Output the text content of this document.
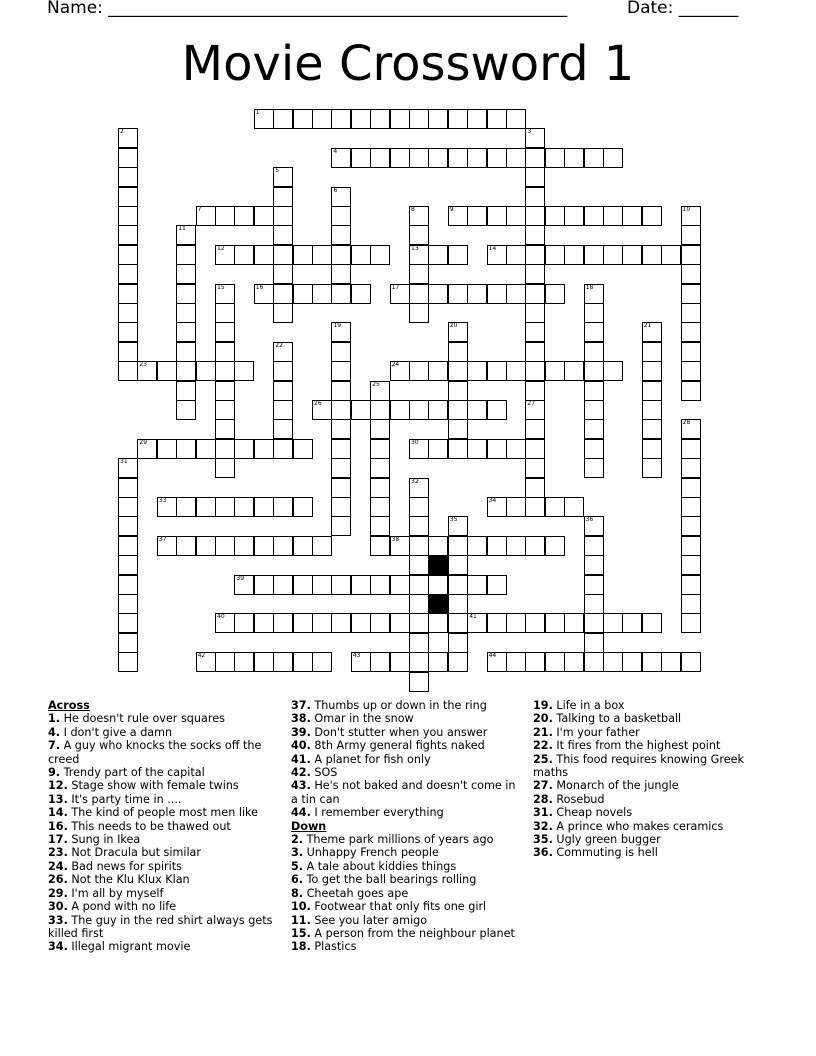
Name: ______________________________________________________	Date: _______
Movie Crossword 1
1
2	3
27
4
5
6
7	8
13
9	10
11
12	14
15	16	17	18
19	20	21
22
23	24
25
26
28
29	30
31
32
33	34
35	36
37	38
39
40	41
42	43	44
Across
1. He doesn't rule over squares
4. I don't give a damn
7. A guy who knocks the socks off the creed
9. Trendy part of the capital
12. Stage show with female twins
13. It's party time in ....
14. The kind of people most men like
16. This needs to be thawed out
17. Sung in Ikea
23. Not Dracula but similar
24. Bad news for spirits
26. Not the Klu Klux Klan
29. I'm all by myself
30. A pond with no life
33. The guy in the red shirt always gets killed first
34. Illegal migrant movie
37. Thumbs up or down in the ring
38. Omar in the snow
39. Don't stutter when you answer
40. 8th Army general fights naked
41. A planet for fish only
42. SOS
43. He's not baked and doesn't come in a tin can
44. I remember everything
Down
2. Theme park millions of years ago
3. Unhappy French people
5. A tale about kiddies things
6. To get the ball bearings rolling
8. Cheetah goes ape
10. Footwear that only fits one girl
11. See you later amigo
15. A person from the neighbour planet
18. Plastics
19. Life in a box
20. Talking to a basketball
21. I'm your father
22. It fires from the highest point
25. This food requires knowing Greek maths
27. Monarch of the jungle
28. Rosebud
31. Cheap novels
32. A prince who makes ceramics
35. Ugly green bugger
36. Commuting is hell
